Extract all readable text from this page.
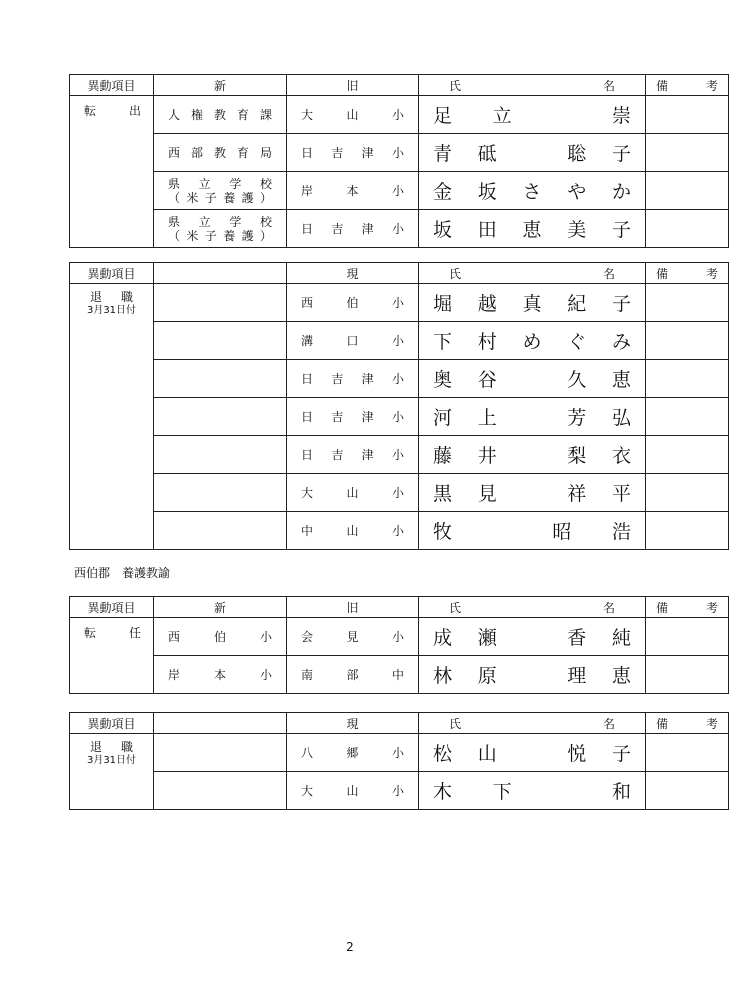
異動項目	新	旧	氏　名	備　考

転出	人権教育課	大山小	足立　崇	
	西部教育局	日吉津小	青砥　聡子	

	県立学校
（米子養護）	岸本小	金坂さやか	

	県立学校
（米子養護）	日吉津小	坂田恵美子	
異動項目		現	氏　名	備　考

退職
3月31日付		西伯小	堀越真紀子	
		溝口小	下村めぐみ	
		日吉津小	奥谷　久恵	
		日吉津小	河上　芳弘	
		日吉津小	藤井　梨衣	
		大山小	黒見　祥平	
		中山小	牧　昭浩	
西伯郡　養護教諭
異動項目	新	旧	氏　名	備　考

転任	西伯小	会見小	成瀬　香純	
	岸本小	南部中	林原　理恵	
異動項目		現	氏　名	備　考

退職
3月31日付		八郷小	松山　悦子	
		大山小	木下　和	
2
